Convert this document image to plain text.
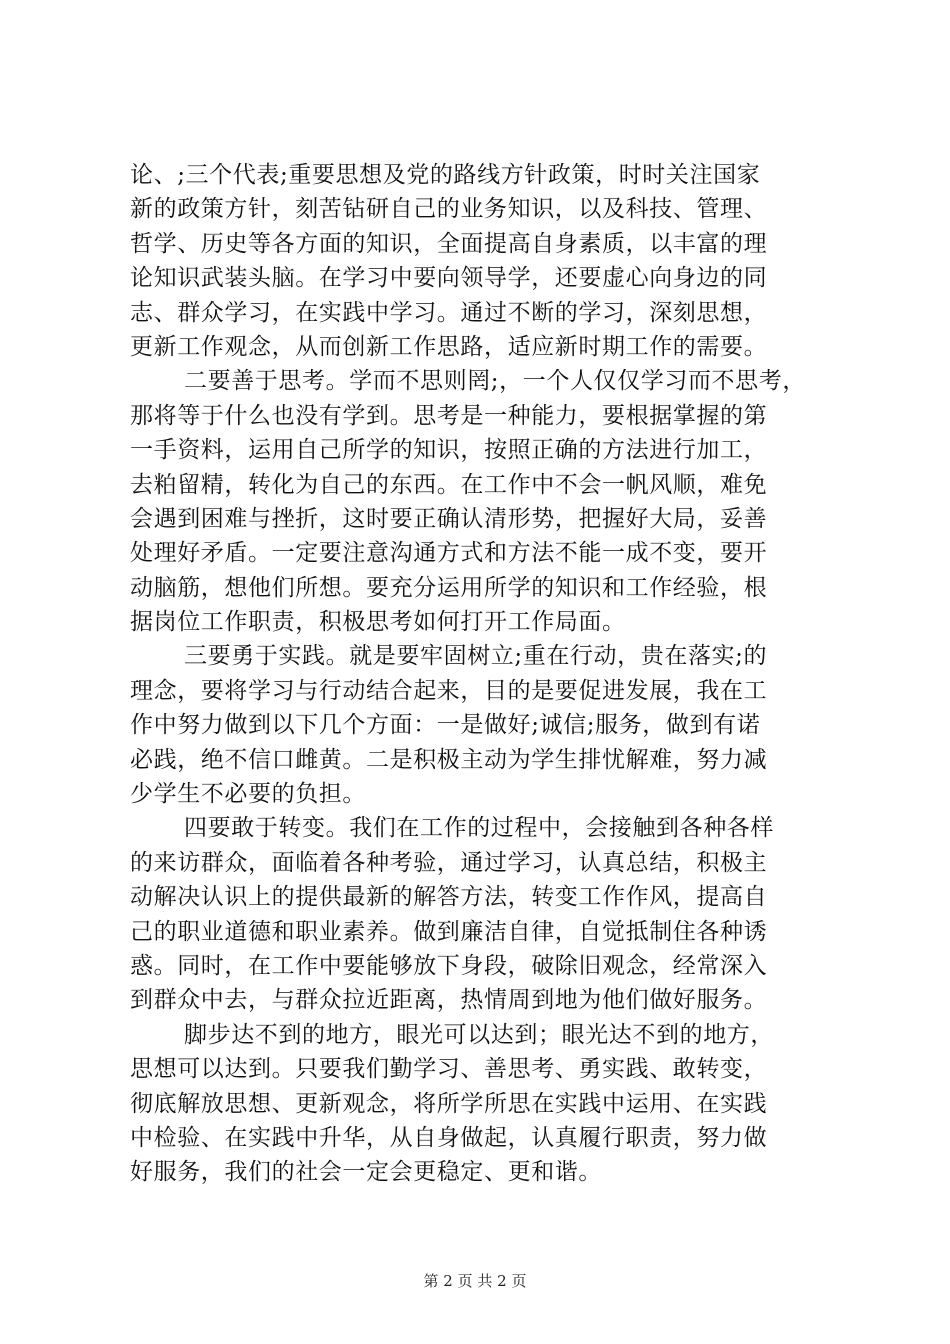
论、;三个代表;重要思想及党的路线方针政策，时时关注国家
新的政策方针，刻苦钻研自己的业务知识，以及科技、管理、
哲学、历史等各方面的知识，全面提高自身素质，以丰富的理
论知识武装头脑。在学习中要向领导学，还要虚心向身边的同
志、群众学习，在实践中学习。通过不断的学习，深刻思想，
更新工作观念，从而创新工作思路，适应新时期工作的需要。
二要善于思考。学而不思则罔;，一个人仅仅学习而不思考，
那将等于什么也没有学到。思考是一种能力，要根据掌握的第
一手资料，运用自己所学的知识，按照正确的方法进行加工，
去粕留精，转化为自己的东西。在工作中不会一帆风顺，难免
会遇到困难与挫折，这时要正确认清形势，把握好大局，妥善
处理好矛盾。一定要注意沟通方式和方法不能一成不变，要开
动脑筋，想他们所想。要充分运用所学的知识和工作经验，根
据岗位工作职责，积极思考如何打开工作局面。
三要勇于实践。就是要牢固树立;重在行动，贵在落实;的
理念，要将学习与行动结合起来，目的是要促进发展，我在工
作中努力做到以下几个方面：一是做好;诚信;服务，做到有诺
必践，绝不信口雌黄。二是积极主动为学生排忧解难，努力减
少学生不必要的负担。
四要敢于转变。我们在工作的过程中，会接触到各种各样
的来访群众，面临着各种考验，通过学习，认真总结，积极主
动解决认识上的提供最新的解答方法，转变工作作风，提高自
己的职业道德和职业素养。做到廉洁自律，自觉抵制住各种诱
惑。同时，在工作中要能够放下身段，破除旧观念，经常深入
到群众中去，与群众拉近距离，热情周到地为他们做好服务。
脚步达不到的地方，眼光可以达到；眼光达不到的地方，
思想可以达到。只要我们勤学习、善思考、勇实践、敢转变，
彻底解放思想、更新观念，将所学所思在实践中运用、在实践
中检验、在实践中升华，从自身做起，认真履行职责，努力做
好服务，我们的社会一定会更稳定、更和谐。
第 2 页 共 2 页
